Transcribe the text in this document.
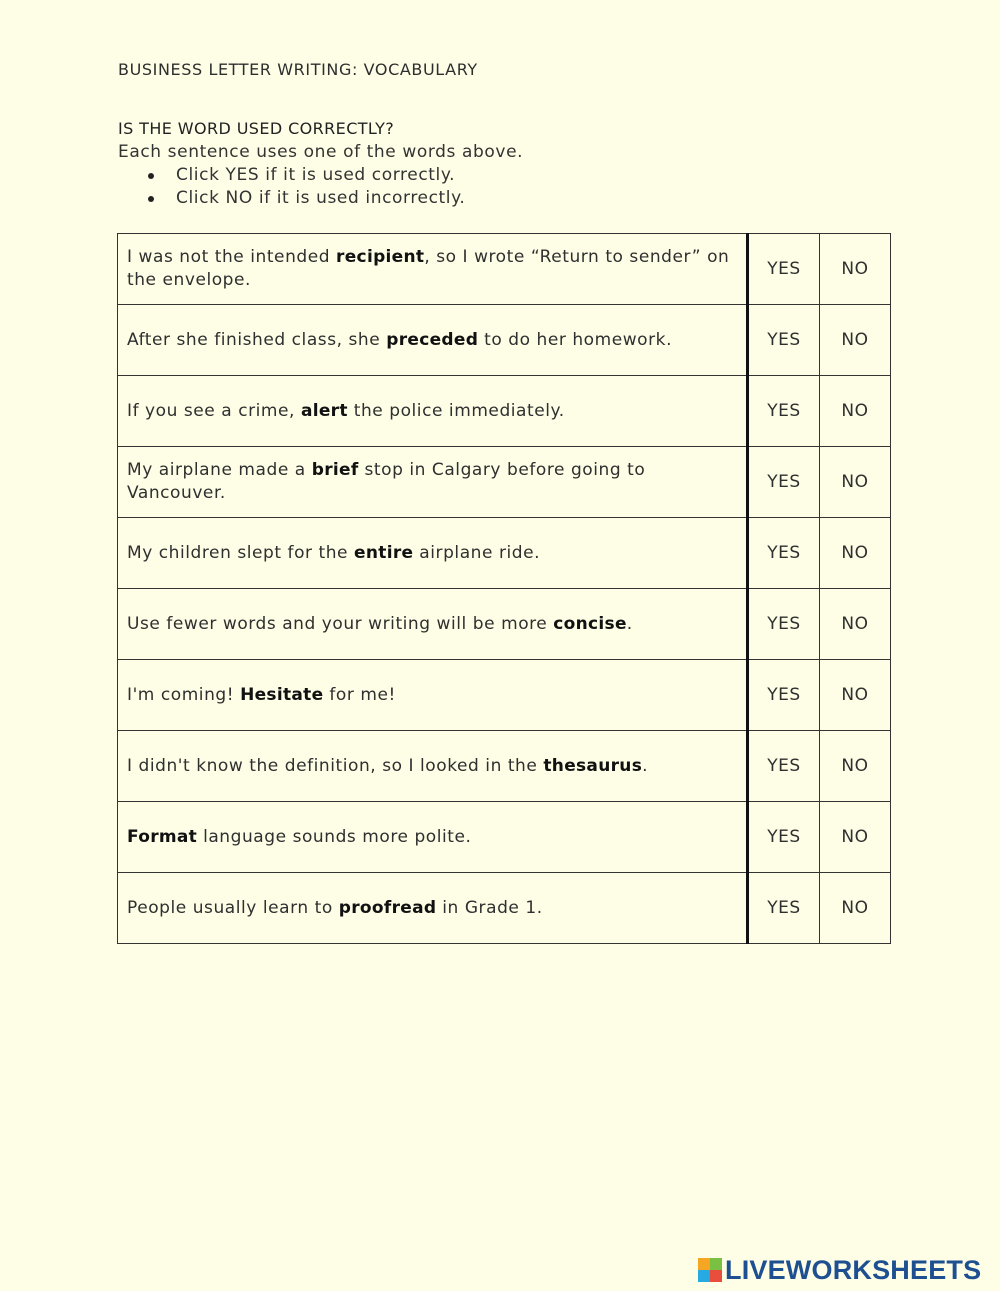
BUSINESS LETTER WRITING: VOCABULARY
IS THE WORD USED CORRECTLY?
Each sentence uses one of the words above.
Click YES if it is used correctly.
Click NO if it is used incorrectly.
I was not the intended recipient, so I wrote “Return to sender” on the envelope.	YES	NO
After she finished class, she preceded to do her homework.	YES	NO
If you see a crime, alert the police immediately.	YES	NO
My airplane made a brief stop in Calgary before going to Vancouver.	YES	NO
My children slept for the entire airplane ride.	YES	NO
Use fewer words and your writing will be more concise.	YES	NO
I'm coming! Hesitate for me!	YES	NO
I didn't know the definition, so I looked in the thesaurus.	YES	NO
Format language sounds more polite.	YES	NO
People usually learn to proofread in Grade 1.	YES	NO
LIVEWORKSHEETS
